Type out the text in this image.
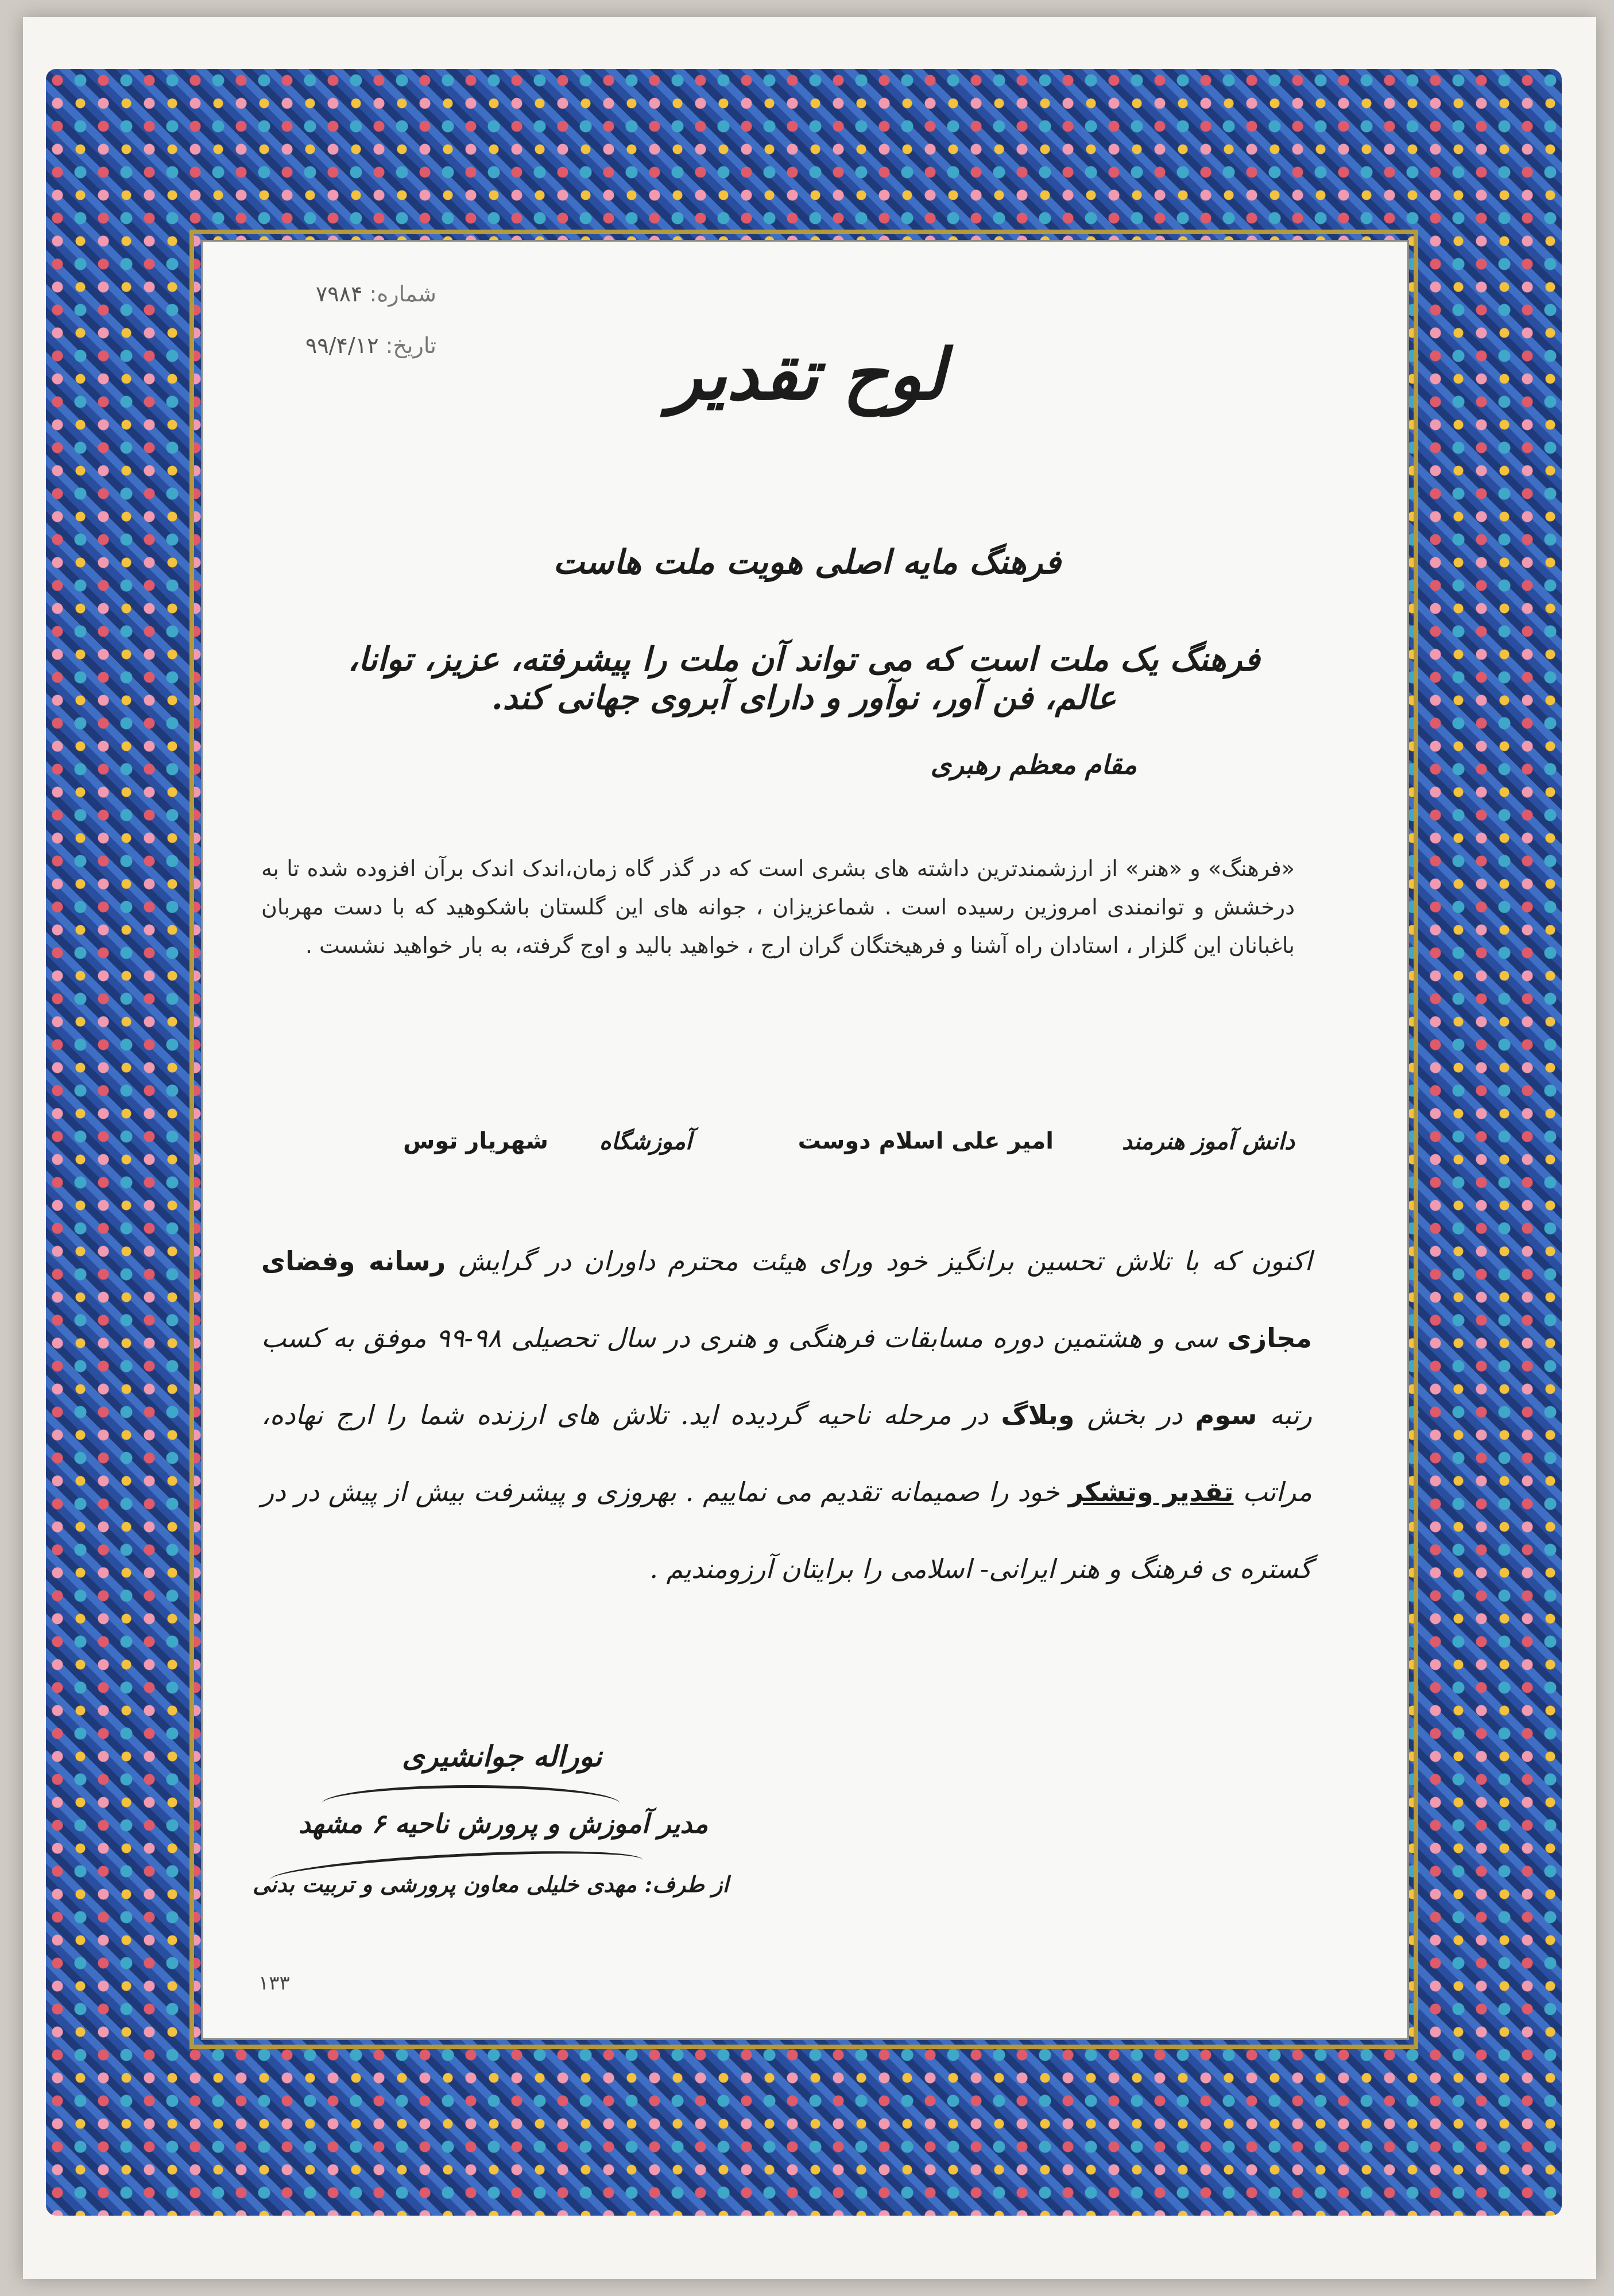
شماره: ۷۹۸۴
تاریخ: ۹۹/۴/۱۲	لوح تقدیر
فرهنگ مایه اصلی هویت ملت هاست
فرهنگ یک ملت است که می تواند آن ملت را پیشرفته، عزیز، توانا، عالم، فن آور، نوآور و دارای آبروی جهانی کند.
مقام معظم رهبری
«فرهنگ» و «هنر» از ارزشمندترین داشته های بشری است که در گذر گاه زمان،اندک اندک برآن افزوده شده تا به درخشش و توانمندی امروزین رسیده است . شماعزیزان ، جوانه های این گلستان باشکوهید که با دست مهربان باغبانان این گلزار ، استادان راه آشنا و فرهیختگان گران ارج ، خواهید بالید و اوج گرفته، به بار خواهید نشست .
دانش آموز هنرمند
امیر علی اسلام دوست
آموزشگاه
شهریار توس
اکنون که با تلاش تحسین برانگیز خود ورای هیئت محترم داوران در گرایش رسانه وفضای مجازی سی و هشتمین دوره مسابقات فرهنگی و هنری در سال تحصیلی ۹۸-۹۹ موفق به کسب رتبه سوم در بخش وبلاگ در مرحله ناحیه گردیده اید. تلاش های ارزنده شما را ارج نهاده، مراتب تقدیر وتشکر خود را صمیمانه تقدیم می نماییم . بهروزی و پیشرفت بیش از پیش در در گستره ی فرهنگ و هنر ایرانی- اسلامی را برایتان آرزومندیم .
نوراله جوانشیری
مدیر آموزش و پرورش ناحیه ۶ مشهد
از طرف: مهدی خلیلی معاون پرورشی و تربیت بدنی
۱۳۳
